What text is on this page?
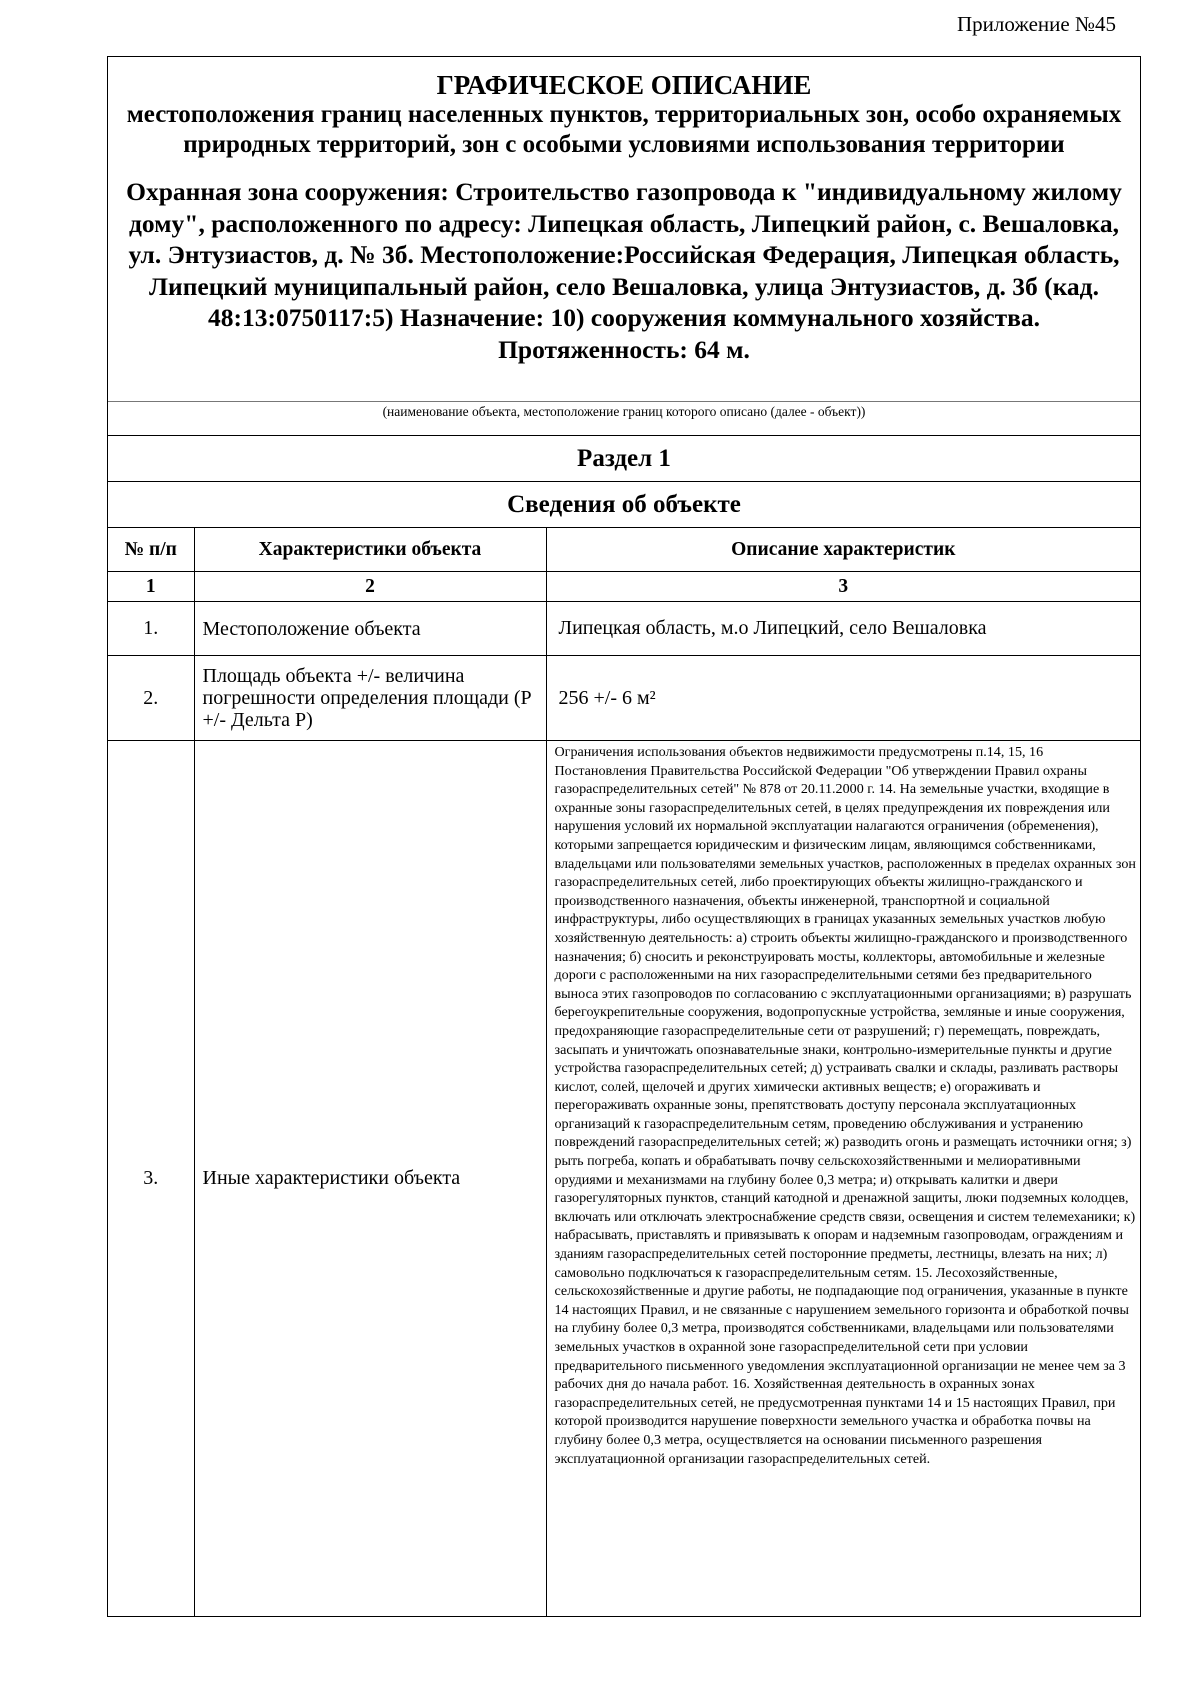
Приложение №45
ГРАФИЧЕСКОЕ ОПИСАНИЕ
местоположения границ населенных пунктов, территориальных зон, особо охраняемых природных территорий, зон с особыми условиями использования территории
Охранная зона сооружения: Строительство газопровода к "индивидуальному жилому дому", расположенного по адресу: Липецкая область, Липецкий район, с. Вешаловка, ул. Энтузиастов, д. № 3б. Местоположение:Российская Федерация, Липецкая область, Липецкий муниципальный район, село Вешаловка, улица Энтузиастов, д. 3б (кад. 48:13:0750117:5) Назначение: 10) сооружения коммунального хозяйства. Протяженность: 64 м.
(наименование объекта, местоположение границ которого описано (далее - объект))
Раздел 1
Сведения об объекте
№ п/п	Характеристики объекта	Описание характеристик
1	2	3
1.	Местоположение объекта	Липецкая область, м.о Липецкий, село Вешаловка
2.	Площадь объекта +/- величина погрешности определения площади (P +/- Дельта P)	256 +/- 6 м²
3.	Иные характеристики объекта	Ограничения использования объектов недвижимости предусмотрены п.14, 15, 16 Постановления Правительства Российской Федерации "Об утверждении Правил охраны газораспределительных сетей" № 878 от 20.11.2000 г. 14. На земельные участки, входящие в охранные зоны газораспределительных сетей, в целях предупреждения их повреждения или нарушения условий их нормальной эксплуатации налагаются ограничения (обременения), которыми запрещается юридическим и физическим лицам, являющимся собственниками, владельцами или пользователями земельных участков, расположенных в пределах охранных зон газораспределительных сетей, либо проектирующих объекты жилищно-гражданского и производственного назначения, объекты инженерной, транспортной и социальной инфраструктуры, либо осуществляющих в границах указанных земельных участков любую хозяйственную деятельность: а) строить объекты жилищно-гражданского и производственного назначения; б) сносить и реконструировать мосты, коллекторы, автомобильные и железные дороги с расположенными на них газораспределительными сетями без предварительного выноса этих газопроводов по согласованию с эксплуатационными организациями; в) разрушать берегоукрепительные сооружения, водопропускные устройства, земляные и иные сооружения, предохраняющие газораспределительные сети от разрушений; г) перемещать, повреждать, засыпать и уничтожать опознавательные знаки, контрольно-измерительные пункты и другие устройства газораспределительных сетей; д) устраивать свалки и склады, разливать растворы кислот, солей, щелочей и других химически активных веществ; е) огораживать и перегораживать охранные зоны, препятствовать доступу персонала эксплуатационных организаций к газораспределительным сетям, проведению обслуживания и устранению повреждений газораспределительных сетей; ж) разводить огонь и размещать источники огня; з) рыть погреба, копать и обрабатывать почву сельскохозяйственными и мелиоративными орудиями и механизмами на глубину более 0,3 метра; и) открывать калитки и двери газорегуляторных пунктов, станций катодной и дренажной защиты, люки подземных колодцев, включать или отключать электроснабжение средств связи, освещения и систем телемеханики; к) набрасывать, приставлять и привязывать к опорам и надземным газопроводам, ограждениям и зданиям газораспределительных сетей посторонние предметы, лестницы, влезать на них; л) самовольно подключаться к газораспределительным сетям. 15. Лесохозяйственные, сельскохозяйственные и другие работы, не подпадающие под ограничения, указанные в пункте 14 настоящих Правил, и не связанные с нарушением земельного горизонта и обработкой почвы на глубину более 0,3 метра, производятся собственниками, владельцами или пользователями земельных участков в охранной зоне газораспределительной сети при условии предварительного письменного уведомления эксплуатационной организации не менее чем за 3 рабочих дня до начала работ. 16. Хозяйственная деятельность в охранных зонах газораспределительных сетей, не предусмотренная пунктами 14 и 15 настоящих Правил, при которой производится нарушение поверхности земельного участка и обработка почвы на глубину более 0,3 метра, осуществляется на основании письменного разрешения эксплуатационной организации газораспределительных сетей.
